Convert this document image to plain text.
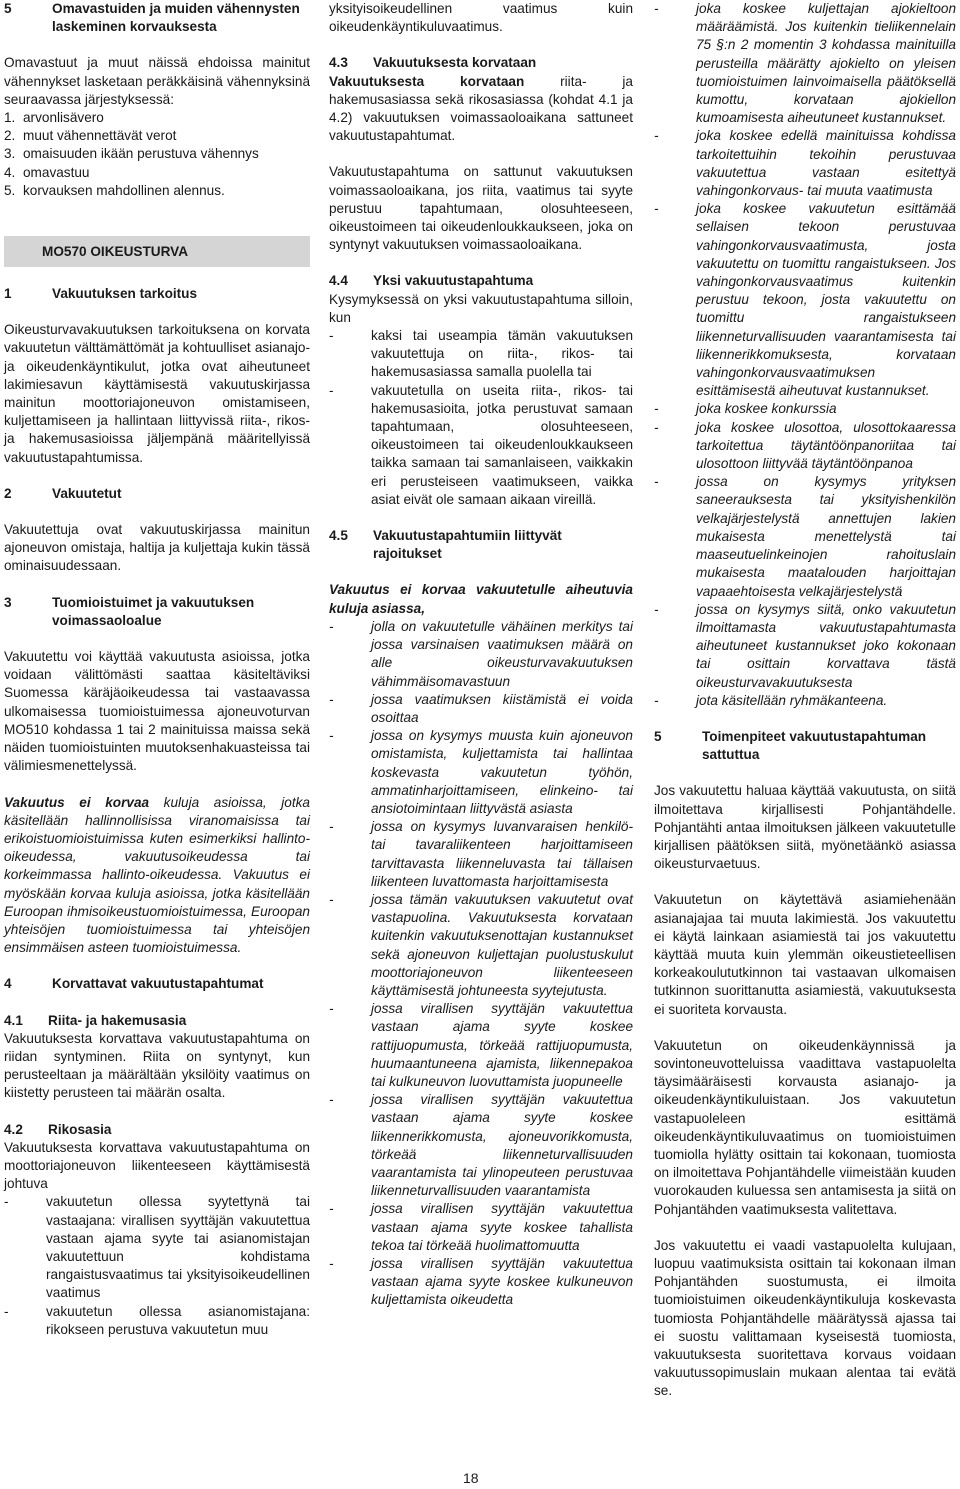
5	Omavastuiden ja muiden vähennysten laskeminen korvauksesta

Omavastuut ja muut näissä ehdoissa mainitut vähennykset lasketaan peräkkäisinä vähennyksinä seuraavassa järjestyksessä:

1. arvonlisävero
2. muut vähennettävät verot
3. omaisuuden ikään perustuva vähennys
4. omavastuu
5. korvauksen mahdollinen alennus.
MO570 OIKEUSTURVA
1	Vakuutuksen tarkoitus

Oikeusturvavakuutuksen tarkoituksena on korvata vakuutetun välttämättömät ja kohtuulliset asianajo- ja oikeudenkäyntikulut, jotka ovat aiheutuneet lakimiesavun käyttämisestä vakuutuskirjassa mainitun moottoriajoneuvon omistamiseen, kuljettamiseen ja hallintaan liittyvissä riita-, rikos- ja hakemusasioissa jäljempänä määritellyissä vakuutustapahtumissa.

2	Vakuutetut

Vakuutettuja ovat vakuutuskirjassa mainitun ajoneuvon omistaja, haltija ja kuljettaja kukin tässä ominaisuudessaan.

3	Tuomioistuimet ja vakuutuksen voimassaoloalue

Vakuutettu voi käyttää vakuutusta asioissa, jotka voidaan välittömästi saattaa käsiteltäviksi Suomessa käräjäoikeudessa tai vastaavassa ulkomaisessa tuomioistuimessa ajoneuvoturvan MO510 kohdassa 1 tai 2 mainituissa maissa sekä näiden tuomioistuinten muutoksenhakuasteissa tai välimiesmenettelyssä.

Vakuutus ei korvaa kuluja asioissa, jotka käsitellään hallinnollisissa viranomaisissa tai erikoistuomioistuimissa kuten esimerkiksi hallinto-oikeudessa, vakuutusoikeudessa tai korkeimmassa hallinto-oikeudessa. Vakuutus ei myöskään korvaa kuluja asioissa, jotka käsitellään Euroopan ihmisoikeustuomioistuimessa, Euroopan yhteisöjen tuomioistuimessa tai yhteisöjen ensimmäisen asteen tuomioistuimessa.

4	Korvattavat vakuutustapahtumat
4.1 Riita- ja hakemusasia

Vakuutuksesta korvattava vakuutustapahtuma on riidan syntyminen. Riita on syntynyt, kun perusteeltaan ja määrältään yksilöity vaatimus on kiistetty perusteen tai määrän osalta.

4.2 Rikosasia

Vakuutuksesta korvattava vakuutustapahtuma on moottoriajoneuvon liikenteeseen käyttämisestä johtuva

-	vakuutetun ollessa syytettynä tai vastaajana: virallisen syyttäjän vakuutettua vastaan ajama syyte tai asianomistajan vakuutettuun kohdistama rangaistusvaatimus tai yksityisoikeudellinen vaatimus
-	vakuutetun ollessa asianomistajana: rikokseen perustuva vakuutetun muu

yksityisoikeudellinen vaatimus kuin oikeudenkäyntikuluvaatimus.

4.3 Vakuutuksesta korvataan

Vakuutuksesta korvataan riita- ja hakemusasiassa sekä rikosasiassa (kohdat 4.1 ja 4.2) vakuutuksen voimassaoloaikana sattuneet vakuutustapahtumat.

Vakuutustapahtuma on sattunut vakuutuksen voimassaoloaikana, jos riita, vaatimus tai syyte perustuu tapahtumaan, olosuhteeseen, oikeustoimeen tai oikeudenloukkaukseen, joka on syntynyt vakuutuksen voimassaoloaikana.

4.4 Yksi vakuutustapahtuma

Kysymyksessä on yksi vakuutustapahtuma silloin, kun

-	kaksi tai useampia tämän vakuutuksen vakuutettuja on riita-, rikos- tai hakemusasiassa samalla puolella tai
-	vakuutetulla on useita riita-, rikos- tai hakemusasioita, jotka perustuvat samaan tapahtumaan, olosuhteeseen, oikeustoimeen tai oikeudenloukkaukseen taikka samaan tai samanlaiseen, vaikkakin eri perusteiseen vaatimukseen, vaikka asiat eivät ole samaan aikaan vireillä.
4.5	Vakuutustapahtumiin liittyvät rajoitukset

Vakuutus ei korvaa vakuutetulle aiheutuvia kuluja asiassa,

-	jolla on vakuutetulle vähäinen merkitys tai jossa varsinaisen vaatimuksen määrä on alle oikeusturvavakuutuksen vähimmäisomavastuun
-	jossa vaatimuksen kiistämistä ei voida osoittaa
-	jossa on kysymys muusta kuin ajoneuvon omistamista, kuljettamista tai hallintaa koskevasta vakuutetun työhön, ammatinharjoittamiseen, elinkeino- tai ansiotoimintaan liittyvästä asiasta
-	jossa on kysymys luvanvaraisen henkilö- tai tavaraliikenteen harjoittamiseen tarvittavasta liikenneluvasta tai tällaisen liikenteen luvattomasta harjoittamisesta
-	jossa tämän vakuutuksen vakuutetut ovat vastapuolina. Vakuutuksesta korvataan kuitenkin vakuutuksenottajan kustannukset sekä ajoneuvon kuljettajan puolustuskulut moottoriajoneuvon liikenteeseen käyttämisestä johtuneesta syytejutusta.
-	jossa virallisen syyttäjän vakuutettua vastaan ajama syyte koskee rattijuopumusta, törkeää rattijuopumusta, huumaantuneena ajamista, liikennepakoa tai kulkuneuvon luovuttamista juopuneelle
-	jossa virallisen syyttäjän vakuutettua vastaan ajama syyte koskee liikennerikkomusta, ajoneuvorikkomusta, törkeää liikenneturvallisuuden vaarantamista tai ylinopeuteen perustuvaa liikenneturvallisuuden vaarantamista
-	jossa virallisen syyttäjän vakuutettua vastaan ajama syyte koskee tahallista tekoa tai törkeää huolimattomuutta
-	jossa virallisen syyttäjän vakuutettua vastaan ajama syyte koskee kulkuneuvon kuljettamista oikeudetta
-	joka koskee kuljettajan ajokieltoon määräämistä. Jos kuitenkin tieliikennelain 75 §:n 2 momentin 3 kohdassa mainituilla perusteilla määrätty ajokielto on yleisen tuomioistuimen lainvoimaisella päätöksellä kumottu, korvataan ajokiellon kumoamisesta aiheutuneet kustannukset.
-	joka koskee edellä mainituissa kohdissa tarkoitettuihin tekoihin perustuvaa vakuutettua vastaan esitettyä vahingonkorvaus- tai muuta vaatimusta
-	joka koskee vakuutetun esittämää sellaisen tekoon perustuvaa vahingonkorvausvaatimusta, josta vakuutettu on tuomittu rangaistukseen. Jos vahingonkorvausvaatimus kuitenkin perustuu tekoon, josta vakuutettu on tuomittu rangaistukseen liikenneturvallisuuden vaarantamisesta tai liikennerikkomuksesta, korvataan vahingonkorvausvaatimuksen esittämisestä aiheutuvat kustannukset.
-	joka koskee konkurssia
-	joka koskee ulosottoa, ulosottokaaressa tarkoitettua täytäntöönpanoriitaa tai ulosottoon liittyvää täytäntöönpanoa
-	jossa on kysymys yrityksen saneerauksesta tai yksityishenkilön velkajärjestelystä annettujen lakien mukaisesta menettelystä tai maaseutuelinkeinojen rahoituslain mukaisesta maatalouden harjoittajan vapaaehtoisesta velkajärjestelystä
-	jossa on kysymys siitä, onko vakuutetun ilmoittamasta vakuutustapahtumasta aiheutuneet kustannukset joko kokonaan tai osittain korvattava tästä oikeusturvavakuutuksesta
-	jota käsitellään ryhmäkanteena.
5	Toimenpiteet vakuutustapahtuman sattuttua

Jos vakuutettu haluaa käyttää vakuutusta, on siitä ilmoitettava kirjallisesti Pohjantähdelle. Pohjantähti antaa ilmoituksen jälkeen vakuutetulle kirjallisen päätöksen siitä, myönetäänkö asiassa oikeusturvaetuus.

Vakuutetun on käytettävä asiamiehenään asianajajaa tai muuta lakimiestä. Jos vakuutettu ei käytä lainkaan asiamiestä tai jos vakuutettu käyttää muuta kuin ylemmän oikeustieteellisen korkeakoulututkinnon tai vastaavan ulkomaisen tutkinnon suorittanutta asiamiestä, vakuutuksesta ei suoriteta korvausta.

Vakuutetun on oikeudenkäynnissä ja sovintoneuvotteluissa vaadittava vastapuolelta täysimääräisesti korvausta asianajo- ja oikeudenkäyntikuluistaan. Jos vakuutetun vastapuoleleen esittämä oikeudenkäyntikuluvaatimus on tuomioistuimen tuomiolla hylätty osittain tai kokonaan, tuomiosta on ilmoitettava Pohjantähdelle viimeistään kuuden vuorokauden kuluessa sen antamisesta ja siitä on Pohjantähden vaatimuksesta valitettava.

Jos vakuutettu ei vaadi vastapuolelta kulujaan, luopuu vaatimuksista osittain tai kokonaan ilman Pohjantähden suostumusta, ei ilmoita tuomioistuimen oikeudenkäyntikuluja koskevasta tuomiosta Pohjantähdelle määrätyssä ajassa tai ei suostu valittamaan kyseisestä tuomiosta, vakuutuksesta suoritettava korvaus voidaan vakuutussopimuslain mukaan alentaa tai evätä se.

18
